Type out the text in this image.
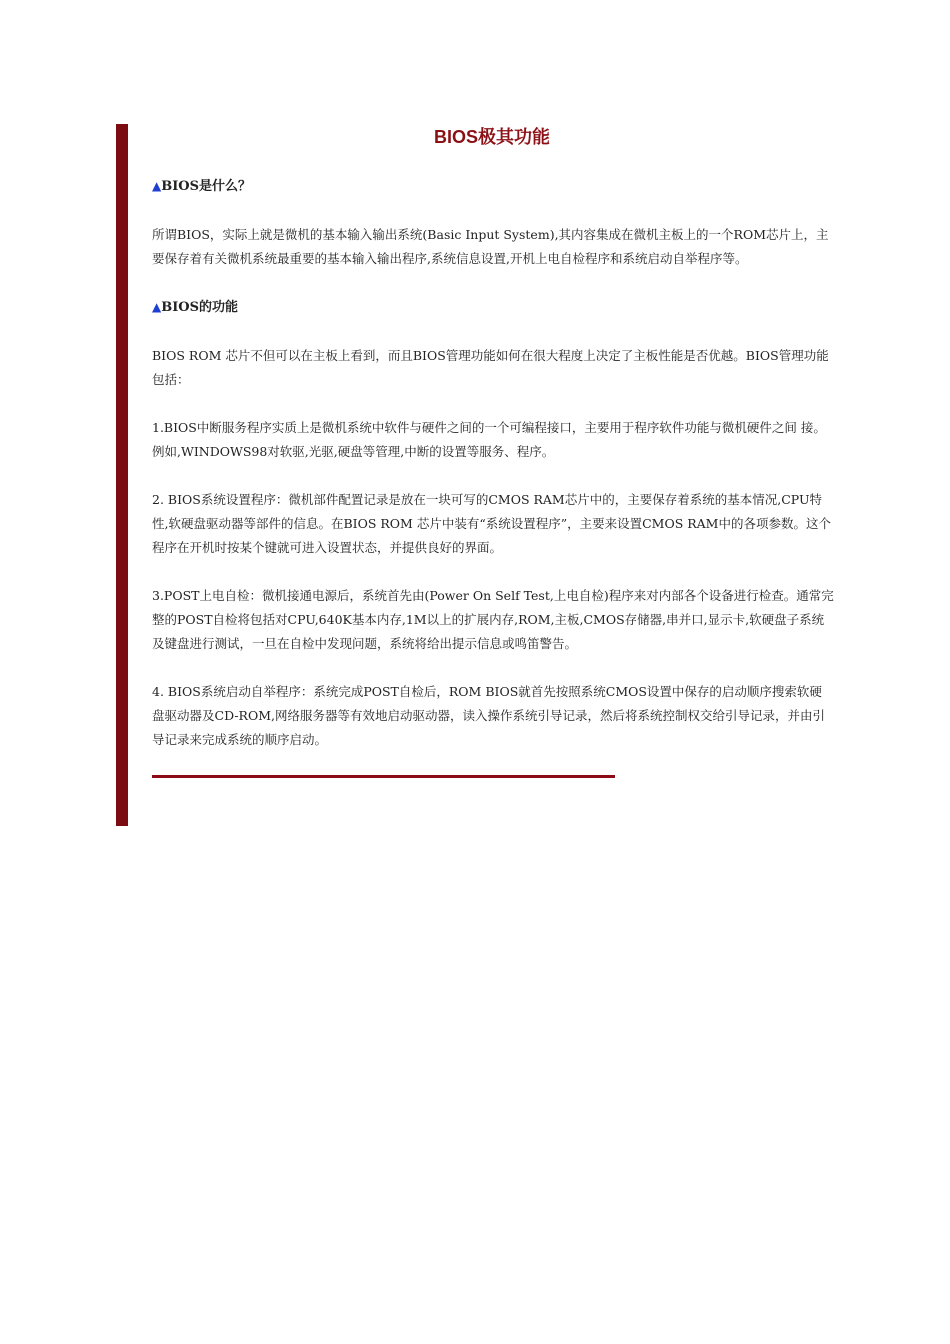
BIOS极其功能

▲BIOS是什么？

所谓BIOS，实际上就是微机的基本输入输出系统(Basic Input System),其内容集成在微机主板上的一个ROM芯片上，主要保存着有关微机系统最重要的基本输入输出程序,系统信息设置,开机上电自检程序和系统启动自举程序等。

▲BIOS的功能

BIOS ROM 芯片不但可以在主板上看到，而且BIOS管理功能如何在很大程度上决定了主板性能是否优越。BIOS管理功能包括：

1.BIOS中断服务程序实质上是微机系统中软件与硬件之间的一个可编程接口，主要用于程序软件功能与微机硬件之间 接。例如,WINDOWS98对软驱,光驱,硬盘等管理,中断的设置等服务、程序。

2. BIOS系统设置程序：微机部件配置记录是放在一块可写的CMOS RAM芯片中的，主要保存着系统的基本情况,CPU特性,软硬盘驱动器等部件的信息。在BIOS ROM 芯片中装有“系统设置程序”，主要来设置CMOS RAM中的各项参数。这个程序在开机时按某个键就可进入设置状态，并提供良好的界面。

3.POST上电自检：微机接通电源后，系统首先由(Power On Self Test,上电自检)程序来对内部各个设备进行检查。通常完整的POST自检将包括对CPU,640K基本内存,1M以上的扩展内存,ROM,主板,CMOS存储器,串并口,显示卡,软硬盘子系统及键盘进行测试，一旦在自检中发现问题，系统将给出提示信息或鸣笛警告。

4. BIOS系统启动自举程序：系统完成POST自检后，ROM BIOS就首先按照系统CMOS设置中保存的启动顺序搜索软硬盘驱动器及CD-ROM,网络服务器等有效地启动驱动器，读入操作系统引导记录，然后将系统控制权交给引导记录，并由引导记录来完成系统的顺序启动。
